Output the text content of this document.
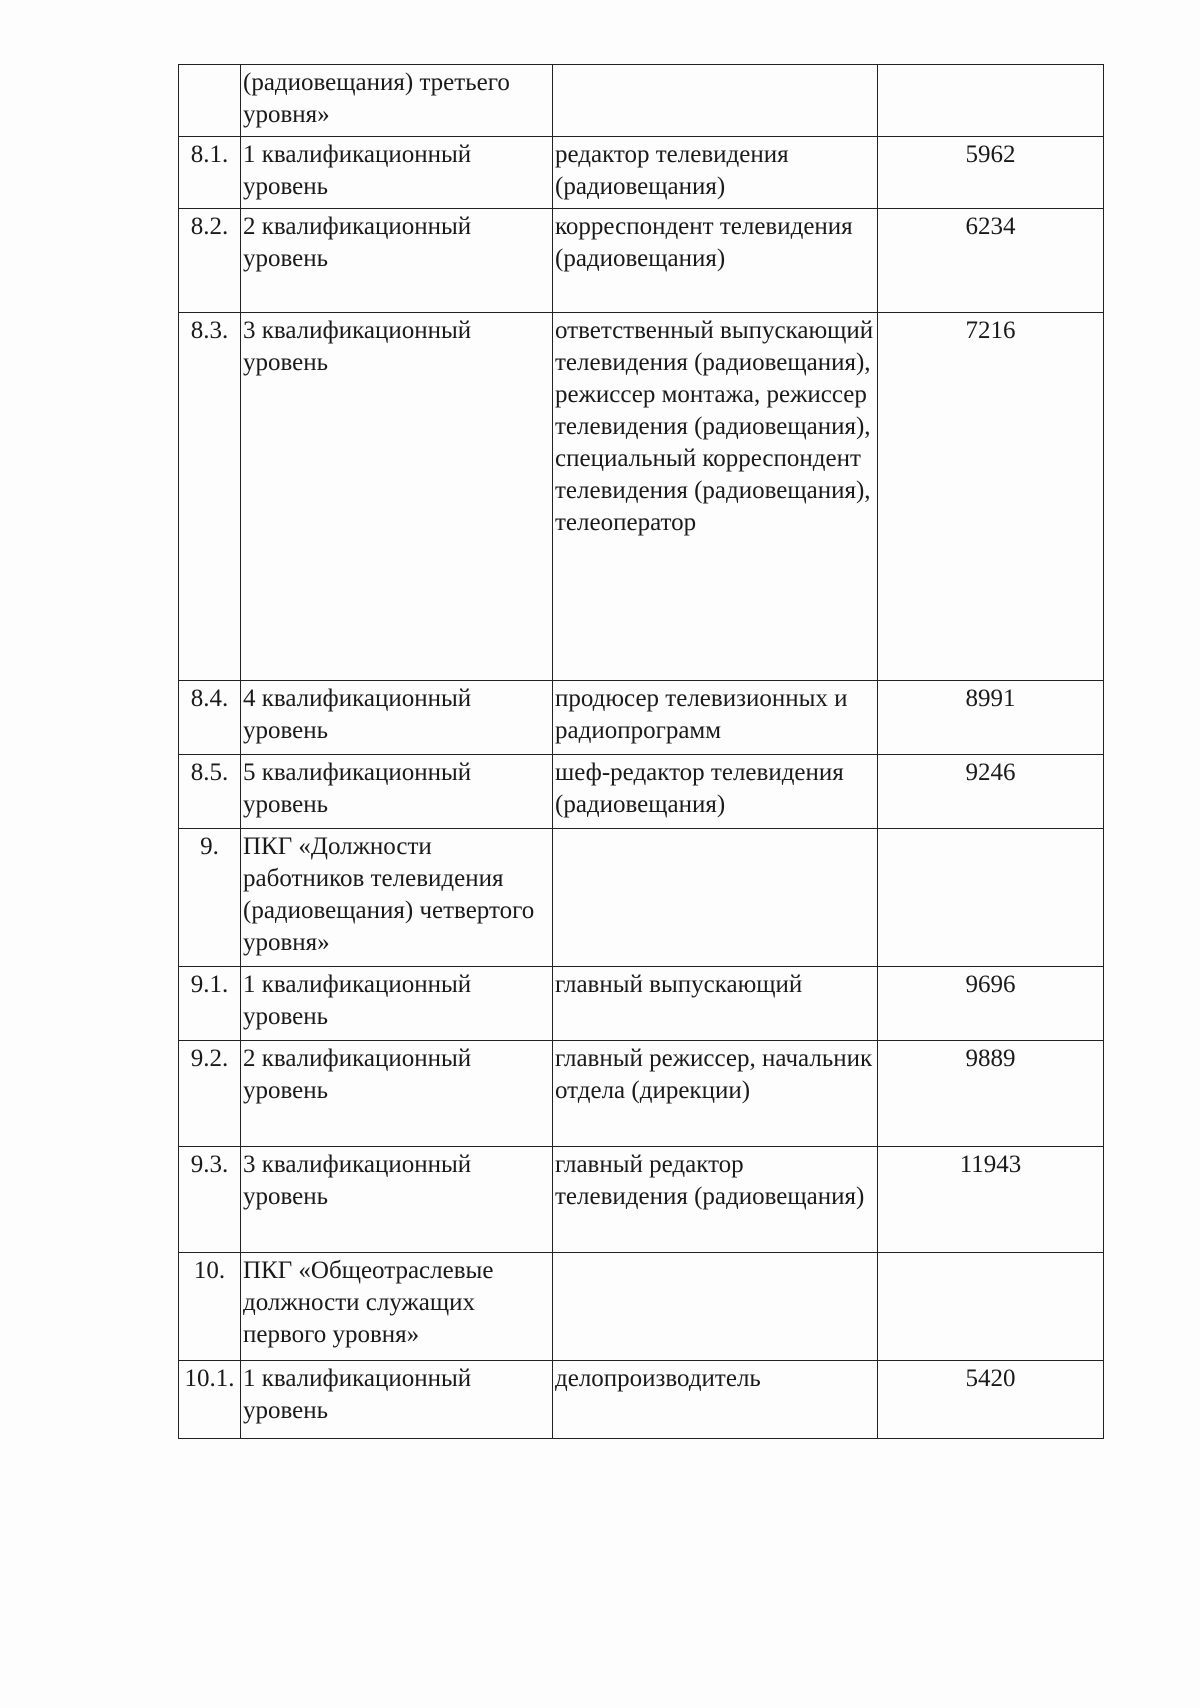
	(радиовещания) третьего уровня»		
8.1.	1 квалификационный уровень	редактор телевидения (радиовещания)	5962
8.2.	2 квалификационный уровень	корреспондент телевидения (радиовещания)	6234
8.3.	3 квалификационный уровень	ответственный выпускающий телевидения (радиовещания), режиссер монтажа, режиссер телевидения (радиовещания), специальный корреспондент телевидения (радиовещания), телеоператор	7216
8.4.	4 квалификационный уровень	продюсер телевизионных и радиопрограмм	8991
8.5.	5 квалификационный уровень	шеф-редактор телевидения (радиовещания)	9246
9.	ПКГ «Должности работников телевидения (радиовещания) четвертого уровня»		
9.1.	1 квалификационный уровень	главный выпускающий	9696
9.2.	2 квалификационный уровень	главный режиссер, начальник отдела (дирекции)	9889
9.3.	3 квалификационный уровень	главный редактор телевидения (радиовещания)	11943
10.	ПКГ «Общеотраслевые должности служащих первого уровня»		
10.1.	1 квалификационный уровень	делопроизводитель	5420
